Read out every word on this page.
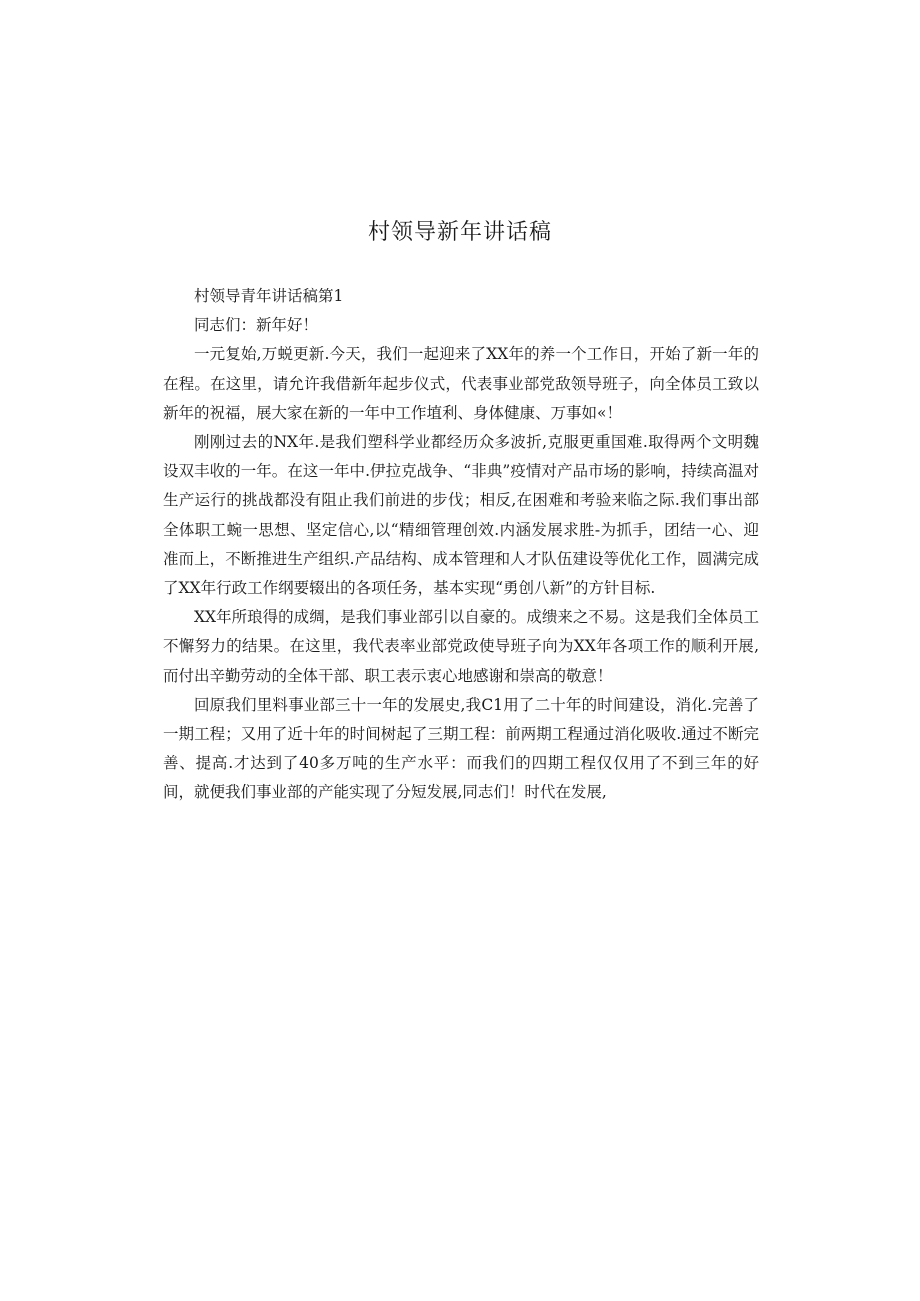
村领导新年讲话稿

村领导青年讲话稿第1

同志们：新年好！

一元复始,万蜕更新.今天，我们一起迎来了XX年的养一个工作日，开始了新一年的在程。在这里，请允许我借新年起步仪式，代表事业部党敌领导班子，向全体员工致以新年的祝福，展大家在新的一年中工作埴利、身体健康、万事如«！

刚刚过去的NX年.是我们塑科学业都经历众多波折,克服更重国难.取得两个文明魏设双丰收的一年。在这一年中.伊拉克战争、“非典”疫情对产品市场的影响，持续高温对生产运行的挑战都没有阻止我们前进的步伐；相反,在困难和考验来临之际.我们事出部全体职工蜿一思想、坚定信心,以“精细管理创效.内涵发展求胜-为抓手，团结一心、迎准而上，不断推进生产组织.产品结构、成本管理和人才队伍建设等优化工作，圆满完成了XX年行政工作纲要辍出的各项任务，基本实现“勇创八新”的方针目标.

XX年所琅得的成绸，是我们事业部引以自豪的。成缋来之不易。这是我们全体员工不懈努力的结果。在这里，我代表率业部党政使导班子向为XX年各项工作的顺利开展,而付出辛勤劳动的全体干部、职工表示衷心地感谢和崇高的敬意！

回原我们里料事业部三十一年的发展史,我C1用了二十年的时间建设，消化.完善了一期工程；又用了近十年的时间树起了三期工程：前两期工程通过消化吸收.通过不断完善、提高.才达到了40多万吨的生产水平：而我们的四期工程仅仅用了不到三年的好间，就便我们事业部的产能实现了分短发展,同志们！时代在发展,
